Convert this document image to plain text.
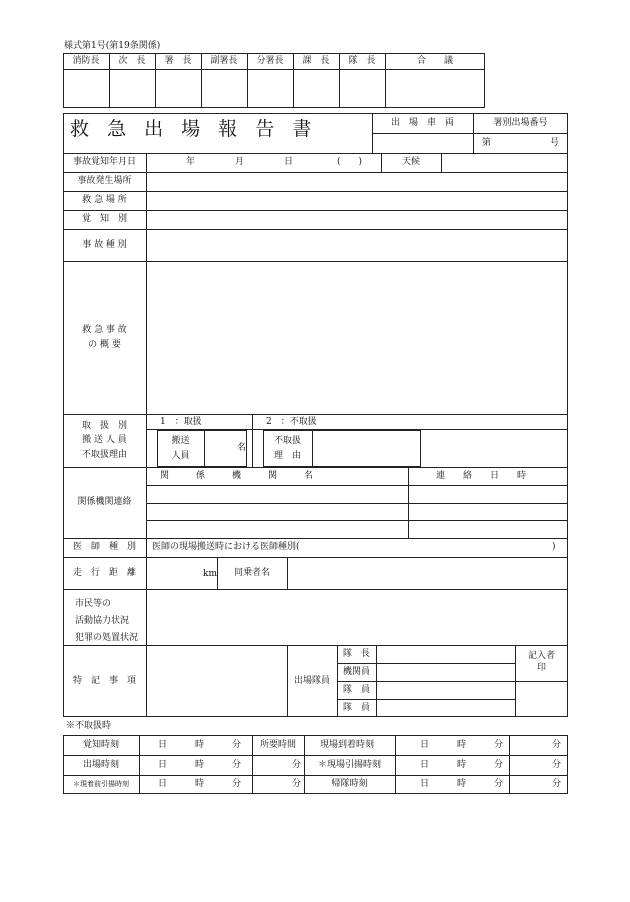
様式第1号(第19条関係)
消防長	次　長	署　長	副署長	分署長	課　長	隊　長	合　　議
救 急 出 場 報 告 書	出　場　車　両	署別出場番号
第	号
事故覚知年月日	年	月	日	(　　)	天候
事故発生場所
救 急 場 所
覚　知　別
事 故 種 別
救 急 事 故
の 概 要
取　扱　別
搬 送 人 員
不取扱理由
1　：取扱	2　：不取扱
搬送
人員
名
不取扱
理　由
関係機関連絡
関　　　係　　　機　　　関　　　名	連　　絡　　日　　時
医　師　種　別	医師の現場搬送時における医師種別(	)
走　行　距　離	km	同乗者名
市民等の
活動協力状況
犯罪の処置状況
特　記　事　項	出場隊員
隊　長
機関員
隊　員
隊　員
記入者
印
※不取扱時
覚知時刻	日	時	分	所要時間	現場到着時刻	日	時	分	分
出場時刻	日	時	分	分 ＊現場引揚時刻	日	時	分	分
＊現着前引揚時刻	日	時	分	分	帰隊時刻	日	時	分	分
